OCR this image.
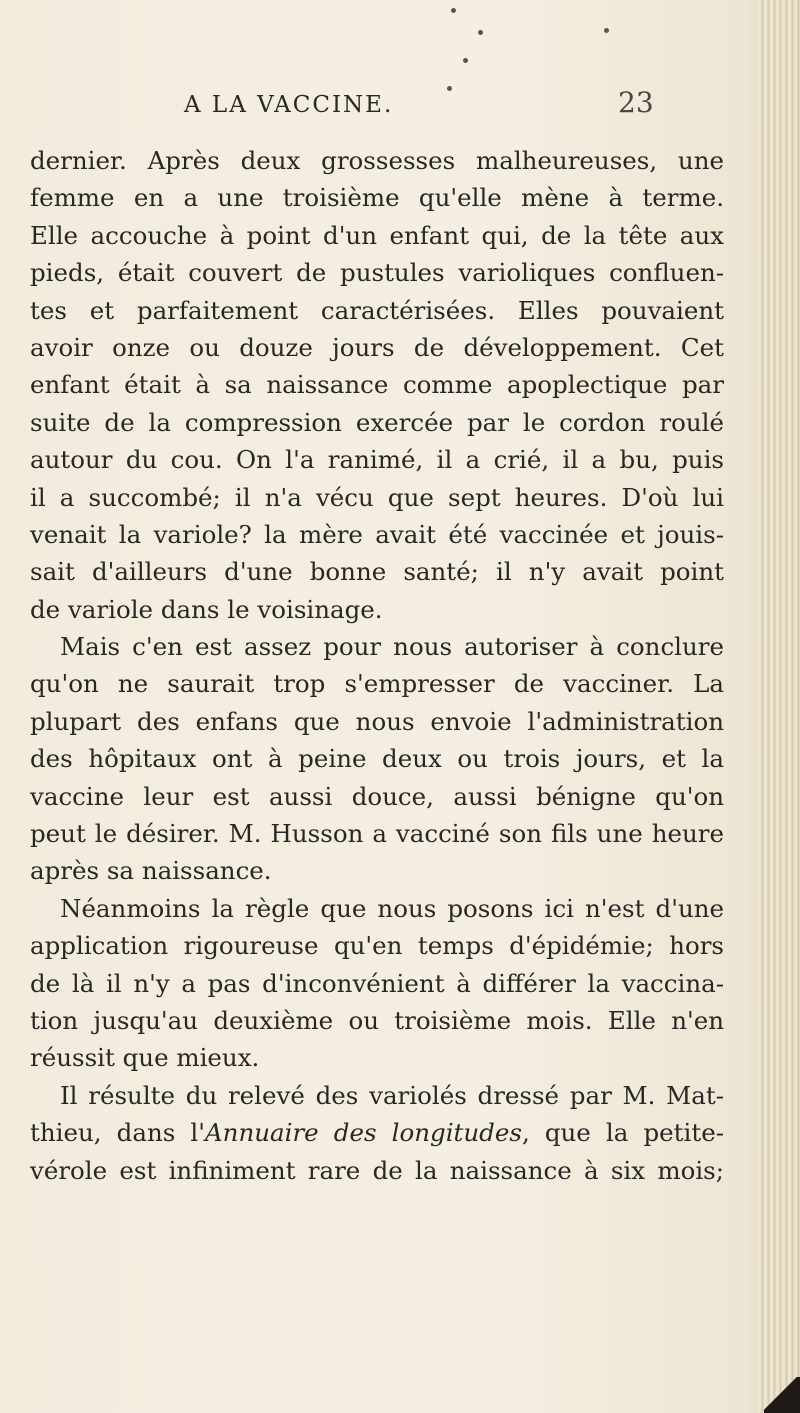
A LA VACCINE.	23
dernier. Après deux grossesses malheureuses, une
femme en a une troisième qu'elle mène à terme.
Elle accouche à point d'un enfant qui, de la tête aux
pieds, était couvert de pustules varioliques confluen-
tes et parfaitement caractérisées. Elles pouvaient
avoir onze ou douze jours de développement. Cet
enfant était à sa naissance comme apoplectique par
suite de la compression exercée par le cordon roulé
autour du cou. On l'a ranimé, il a crié, il a bu, puis
il a succombé; il n'a vécu que sept heures. D'où lui
venait la variole? la mère avait été vaccinée et jouis-
sait d'ailleurs d'une bonne santé; il n'y avait point
de variole dans le voisinage.
Mais c'en est assez pour nous autoriser à conclure
qu'on ne saurait trop s'empresser de vacciner. La
plupart des enfans que nous envoie l'administration
des hôpitaux ont à peine deux ou trois jours, et la
vaccine leur est aussi douce, aussi bénigne qu'on
peut le désirer. M. Husson a vacciné son fils une heure
après sa naissance.
Néanmoins la règle que nous posons ici n'est d'une
application rigoureuse qu'en temps d'épidémie; hors
de là il n'y a pas d'inconvénient à différer la vaccina-
tion jusqu'au deuxième ou troisième mois. Elle n'en
réussit que mieux.
Il résulte du relevé des variolés dressé par M. Mat-
thieu, dans l'Annuaire des longitudes, que la petite-
vérole est infiniment rare de la naissance à six mois;
